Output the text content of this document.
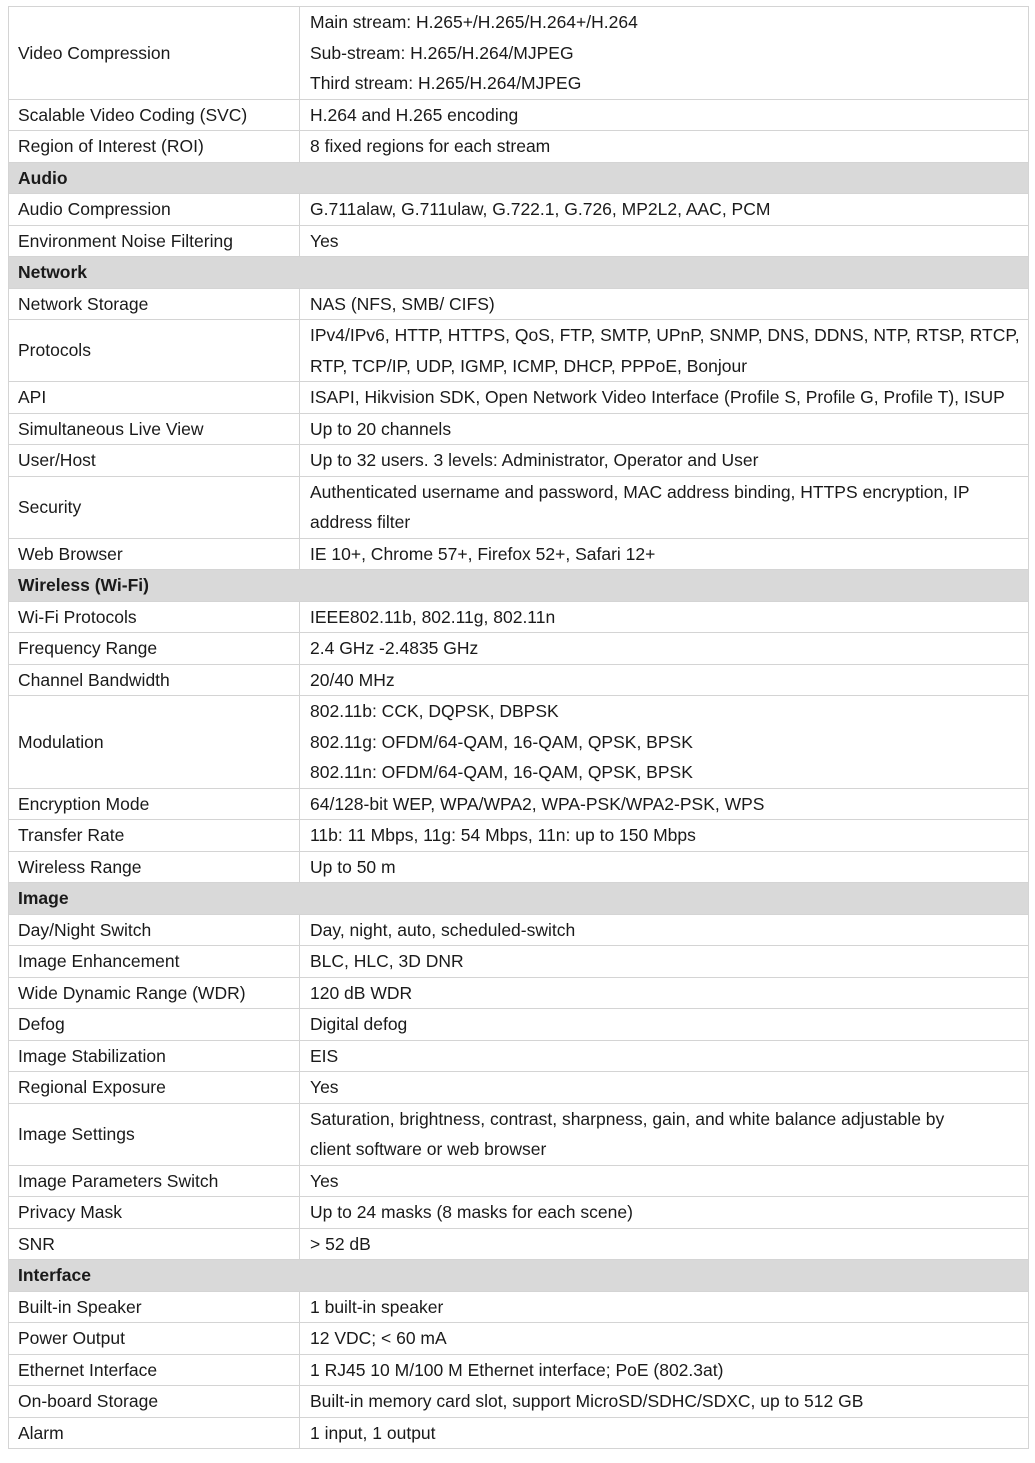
Video Compression	Main stream: H.265+/H.265/H.264+/H.264
Sub-stream: H.265/H.264/MJPEG
Third stream: H.265/H.264/MJPEG

Scalable Video Coding (SVC)	H.264 and H.265 encoding

Region of Interest (ROI)	8 fixed regions for each stream

Audio	

Audio Compression	G.711alaw, G.711ulaw, G.722.1, G.726, MP2L2, AAC, PCM

Environment Noise Filtering	Yes

Network	

Network Storage	NAS (NFS, SMB/ CIFS)

Protocols	IPv4/IPv6, HTTP, HTTPS, QoS, FTP, SMTP, UPnP, SNMP, DNS, DDNS, NTP, RTSP, RTCP,
RTP, TCP/IP, UDP, IGMP, ICMP, DHCP, PPPoE, Bonjour

API	ISAPI, Hikvision SDK, Open Network Video Interface (Profile S, Profile G, Profile T), ISUP

Simultaneous Live View	Up to 20 channels

User/Host	Up to 32 users. 3 levels: Administrator, Operator and User

Security	Authenticated username and password, MAC address binding, HTTPS encryption, IP
address filter

Web Browser	IE 10+, Chrome 57+, Firefox 52+, Safari 12+

Wireless (Wi-Fi)	

Wi-Fi Protocols	IEEE802.11b, 802.11g, 802.11n

Frequency Range	2.4 GHz -2.4835 GHz

Channel Bandwidth	20/40 MHz

Modulation	802.11b: CCK, DQPSK, DBPSK
802.11g: OFDM/64-QAM, 16-QAM, QPSK, BPSK
802.11n: OFDM/64-QAM, 16-QAM, QPSK, BPSK

Encryption Mode	64/128-bit WEP, WPA/WPA2, WPA-PSK/WPA2-PSK, WPS

Transfer Rate	11b: 11 Mbps, 11g: 54 Mbps, 11n: up to 150 Mbps

Wireless Range	Up to 50 m

Image	

Day/Night Switch	Day, night, auto, scheduled-switch

Image Enhancement	BLC, HLC, 3D DNR

Wide Dynamic Range (WDR)	120 dB WDR

Defog	Digital defog

Image Stabilization	EIS

Regional Exposure	Yes

Image Settings	Saturation, brightness, contrast, sharpness, gain, and white balance adjustable by
client software or web browser

Image Parameters Switch	Yes

Privacy Mask	Up to 24 masks (8 masks for each scene)

SNR	> 52 dB

Interface	

Built-in Speaker	1 built-in speaker

Power Output	12 VDC; < 60 mA

Ethernet Interface	1 RJ45 10 M/100 M Ethernet interface; PoE (802.3at)

On-board Storage	Built-in memory card slot, support MicroSD/SDHC/SDXC, up to 512 GB

Alarm	1 input, 1 output
